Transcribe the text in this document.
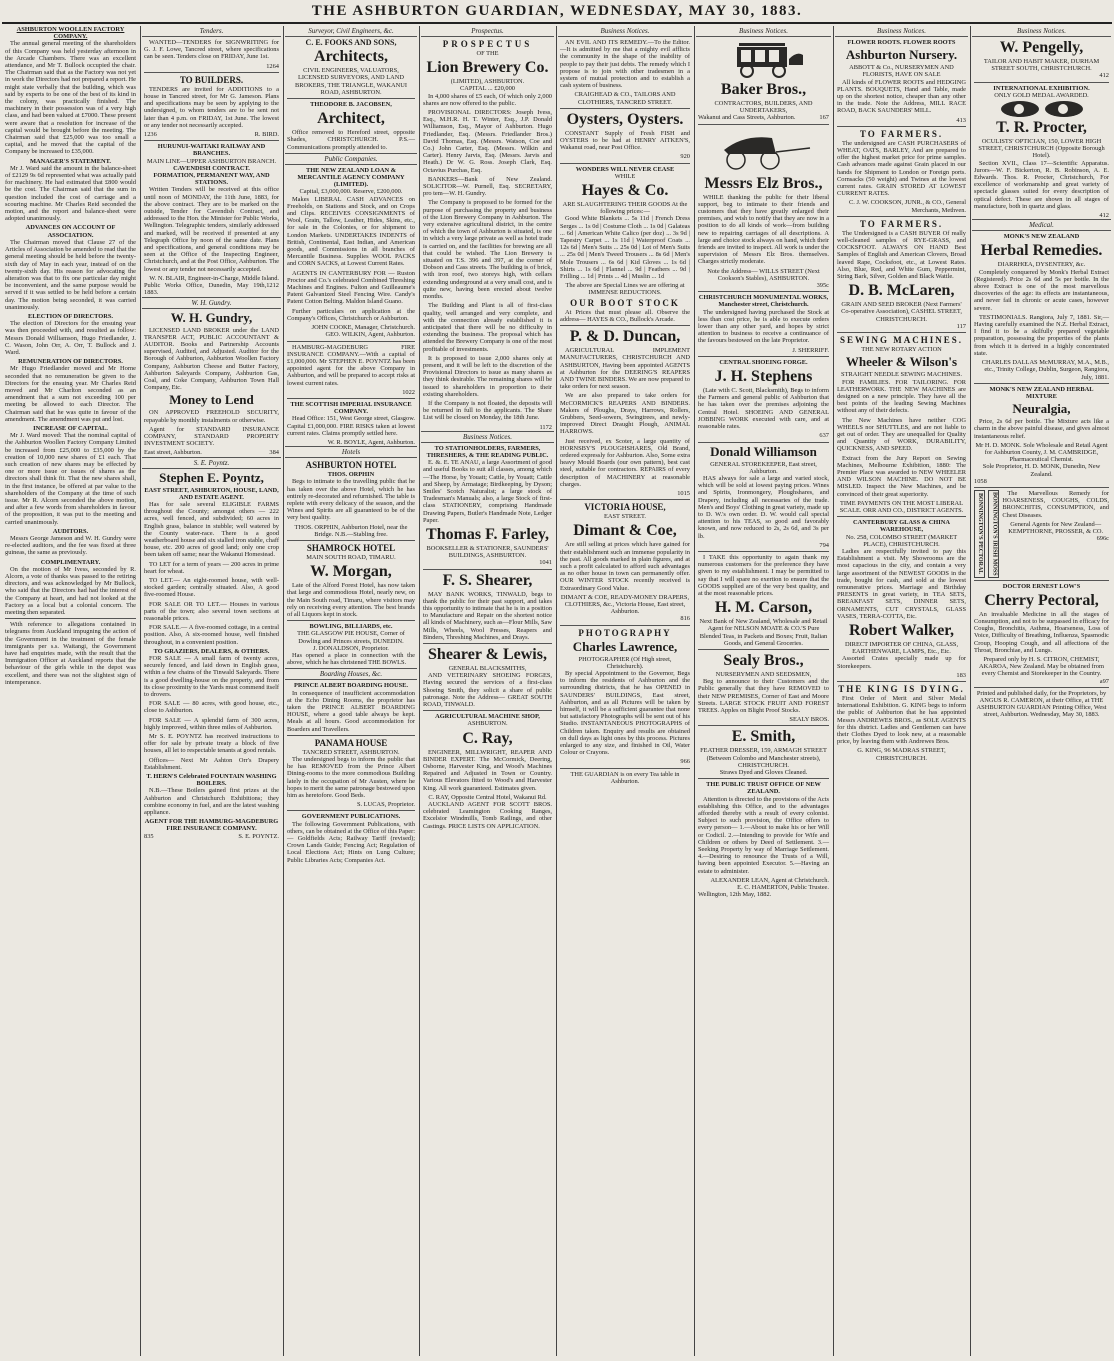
THE ASHBURTON GUARDIAN, WEDNESDAY, MAY 30, 1883.
ASHBURTON WOOLLEN FACTORY COMPANY.

The annual general meeting of the shareholders of this Company was held yesterday afternoon in the Arcade Chambers. There was an excellent attendance, and Mr T. Bullock occupied the chair. The Chairman said that as the Factory was not yet in work the Directors had not prepared a report. He might state verbally that the building, which was said by experts to be one of the best of its kind in the colony, was practically finished. The machinery in their possession was of a very high class, and had been valued at £7000. These present were aware that a resolution for increase of the capital would be brought before the meeting. The Chairman said that £25,000 was too small a capital, and he moved that the capital of the Company be increased to £35,000.

MANAGER'S STATEMENT.

Mr J. Ward said the amount in the balance-sheet of £2129 9s 6d represented what was actually paid for machinery. He had estimated that £800 would be the cost. The Chairman said that the sum in question included the cost of carriage and a scouring machine. Mr Charles Reid seconded the motion, and the report and balance-sheet were adopted unanimously.

ADVANCES ON ACCOUNT OF ASSOCIATION.

The Chairman moved that Clause 27 of the Articles of Association be amended to read that the general meeting should be held before the twenty-sixth day of May in each year, instead of on the twenty-sixth day. His reason for advocating the alteration was that to fix one particular day might be inconvenient, and the same purpose would be served if it was settled to be held before a certain day. The motion being seconded, it was carried unanimously.

ELECTION OF DIRECTORS.

The election of Directors for the ensuing year was then proceeded with, and resulted as follow: Messrs Donald Williamson, Hugo Friedlander, J. C. Wason, John Orr, A. Orr, T. Bullock and J. Ward.

REMUNERATION OF DIRECTORS.

Mr Hugo Friedlander moved and Mr Horne seconded that no remuneration be given to the Directors for the ensuing year. Mr Charles Reid moved and Mr Charlton seconded as an amendment that a sum not exceeding 100 per meeting be allowed to each Director. The Chairman said that he was quite in favour of the amendment. The amendment was put and lost.

INCREASE OF CAPITAL.

Mr J. Ward moved: That the nominal capital of the Ashburton Woollen Factory Company Limited be increased from £25,000 to £35,000 by the creation of 10,000 new shares of £1 each. That such creation of new shares may be effected by one or more issue or issues of shares as the directors shall think fit. That the new shares shall, in the first instance, be offered at par value to the shareholders of the Company at the time of such issue. Mr R. Alcorn seconded the above motion, and after a few words from shareholders in favour of the proposition, it was put to the meeting and carried unanimously.

AUDITORS.

Messrs George Jameson and W. H. Gundry were re-elected auditors, and the fee was fixed at three guineas, the same as previously.

COMPLIMENTARY.

On the motion of Mr Ivess, seconded by R. Alcorn, a vote of thanks was passed to the retiring directors, and was acknowledged by Mr Bullock, who said that the Directors had had the interest of the Company at heart, and had not looked at the Factory as a local but a colonial concern. The meeting then separated.

With reference to allegations contained in telegrams from Auckland impugning the action of the Government in the treatment of the female immigrants per s.s. Waitangi, the Government have had enquiries made, with the result that the Immigration Officer at Auckland reports that the behaviour of the girls while in the depot was excellent, and there was not the slightest sign of intemperance.

Tenders.

WANTED—TENDERS for SIGNWRITING for G. J. F. Lowe, Tancred street, where specifications can be seen. Tenders close on FRIDAY, June 1st.

1264
TO BUILDERS.

TENDERS are invited for ADDITIONS to a house in Tancred street, for Mr G. Jameson. Plans and specifications may be seen by applying to the undersigned, to whom tenders are to be sent not later than 4 p.m. on FRIDAY, 1st June. The lowest or any tender not necessarily accepted.

1236	R. BIRD.
HURUNUI-WAITAKI RAILWAY AND BRANCHES.
MAIN LINE—UPPER ASHBURTON BRANCH.
CAVENDISH CONTRACT.
FORMATION, PERMANENT WAY, AND STATIONS.

Written Tenders will be received at this office until noon of MONDAY, the 11th June, 1883, for the above contract. They are to be marked on the outside, Tender for Cavendish Contract, and addressed to the Hon. the Minister for Public Works, Wellington. Telegraphic tenders, similarly addressed and marked, will be received if presented at any Telegraph Office by noon of the same date. Plans and specifications, and general conditions may be seen at the Office of the Inspecting Engineer, Christchurch, and at the Post Office, Ashburton. The lowest or any tender not necessarily accepted.

W. N. BLAIR, Engineer-in-Charge, Middle Island.
Public Works Office, Dunedin, May 19th, 1883.
1212
W. H. Gundry.
W. H. Gundry,

LICENSED LAND BROKER under the LAND TRANSFER ACT, PUBLIC ACCOUNTANT & AUDITOR. Books and Partnership Accounts supervised, Audited, and Adjusted. Auditor for the Borough of Ashburton, Ashburton Woollen Factory Company, Ashburton Cheese and Butter Factory, Ashburton Saleyards Company, Ashburton Gas, Coal, and Coke Company, Ashburton Town Hall Company, Etc.

Money to Lend

ON APPROVED FREEHOLD SECURITY, repayable by monthly instalments or otherwise.

Agent for STANDARD INSURANCE COMPANY, STANDARD PROPERTY INVESTMENT SOCIETY.

East street, Ashburton.	384
S. E. Poyntz.
Stephen E. Poyntz,
EAST STREET, ASHBURTON, HOUSE, LAND, AND ESTATE AGENT.

Has for sale several ELIGIBLE FARMS throughout the County; amongst others — 222 acres, well fenced, and subdivided; 60 acres in English grass, balance in stubble; well watered by the County water-race. There is a good weatherboard house and six stalled iron stable, chaff house, etc. 200 acres of good land; only one crop been taken off same; near the Wakanui Homestead.

TO LET for a term of years — 200 acres in prime heart for wheat.

TO LET.— An eight-roomed house, with well-stocked garden; centrally situated. Also, A good five-roomed House.

FOR SALE OR TO LET.— Houses in various parts of the town; also several town sections at reasonable prices.

FOR SALE.— A five-roomed cottage, in a central position. Also, A six-roomed house, well finished throughout, in a convenient position.

TO GRAZIERS, DEALERS, & OTHERS.

FOR SALE — A small farm of twenty acres, securely fenced, and laid down in English grass, within a few chains of the Tinwald Saleyards. There is a good dwelling-house on the property, and from its close proximity to the Yards must commend itself to drovers.

FOR SALE — 80 acres, with good house, etc., close to Ashburton.

FOR SALE — A splendid farm of 300 acres, highly improved, within three miles of Ashburton.

Mr S. E. POYNTZ has received instructions to offer for sale by private treaty a block of five houses, all let to respectable tenants at good rentals.

Offices— Next Mr Ashton Orr's Drapery Establishment.

T. HERN'S Celebrated FOUNTAIN WASHING BOILERS.

N.B.—These Boilers gained first prizes at the Ashburton and Christchurch Exhibitions; they combine economy in fuel, and are the latest washing appliance.

AGENT FOR THE HAMBURG-MAGDEBURG FIRE INSURANCE COMPANY.
835	S. E. POYNTZ.
Surveyor, Civil Engineers, &c.
C. E. FOOKS AND SONS,
Architects,
CIVIL ENGINEERS, VALUATORS, LICENSED SURVEYORS, AND LAND BROKERS, THE TRIANGLE, WAKANUI ROAD, ASHBURTON.
THEODORE B. JACOBSEN,
Architect,

Office removed to Hereford street, opposite Shades, CHRISTCHURCH. P.S.—Communications promptly attended to.

Public Companies.
THE NEW ZEALAND LOAN & MERCANTILE AGENCY COMPANY (LIMITED).
Capital, £3,000,000. Reserve, £200,000.

Makes LIBERAL CASH ADVANCES on Freeholds, on Stations and Stock, and on Crops and Clips. RECEIVES CONSIGNMENTS of Wool, Grain, Tallow, Leather, Hides, Skins, etc., for sale in the Colonies, or for shipment to London Markets. UNDERTAKES INDENTS of British, Continental, East Indian, and American goods, and Commissions in all branches of Mercantile Business. Supplies WOOL PACKS and CORN SACKS, at Lowest Current Rates.

AGENTS IN CANTERBURY FOR — Ruston Proctor and Co.'s celebrated Combined Threshing Machines and Engines. Fulton and Guilleaume's Patent Galvanized Steel Fencing Wire. Candy's Patent Cotton Belting. Maldon Island Guano.

Further particulars on application at the Company's Offices, Christchurch or Ashburton.

JOHN COOKE, Manager, Christchurch.
GEO. WILKIN, Agent, Ashburton.

HAMBURG-MAGDEBURG FIRE INSURANCE COMPANY.—With a capital of £1,000,000. Mr STEPHEN E. POYNTZ has been appointed agent for the above Company in Ashburton, and will be prepared to accept risks at lowest current rates.

1022
THE SCOTTISH IMPERIAL INSURANCE COMPANY.

Head Office: 151, West George street, Glasgow. Capital £1,000,000. FIRE RISKS taken at lowest current rates. Claims promptly settled here.

W. R. BOYLE, Agent, Ashburton.
Hotels
ASHBURTON HOTEL
THOS. ORPHIN

Begs to intimate to the travelling public that he has taken over the above Hotel, which he has entirely re-decorated and refurnished. The table is replete with every delicacy of the season, and the Wines and Spirits are all guaranteed to be of the very best quality.

THOS. ORPHIN, Ashburton Hotel, near the Bridge. N.B.—Stabling free.
SHAMROCK HOTEL
MAIN SOUTH ROAD, TIMARU.
W. Morgan,

Late of the Alford Forest Hotel, has now taken that large and commodious Hotel, nearly new, on the Main South road, Timaru, where visitors may rely on receiving every attention. The best brands of all Liquors kept in stock.

BOWLING, BILLIARDS, etc.
THE GLASGOW PIE HOUSE, Corner of Dowling and Princes streets, DUNEDIN.
J. DONALDSON, Proprietor.

Has opened a place in connection with the above, which he has christened THE BOWLS.

Boarding Houses, &c.
PRINCE ALBERT BOARDING HOUSE.

In consequence of insufficient accommodation at the Echo Dining Rooms, the proprietor has taken the PRINCE ALBERT BOARDING HOUSE, where a good table always be kept. Meals at all hours. Good accommodation for Boarders and Travellers.

PANAMA HOUSE
TANCRED STREET, ASHBURTON.

The undersigned begs to inform the public that he has REMOVED from the Prince Albert Dining-rooms to the more commodious Building lately in the occupation of Mr Austen, where he hopes to merit the same patronage bestowed upon him as heretofore. Good Beds.

S. LUCAS, Proprietor.
GOVERNMENT PUBLICATIONS.

The following Government Publications, with others, can be obtained at the Office of this Paper:— Goldfields Acts; Railway Tariff (revised); Crown Lands Guide; Fencing Act; Regulation of Local Elections Act; Hints on Lung Culture; Public Libraries Acts; Companies Act.

Prospectus.
PROSPECTUS
OF THE
Lion Brewery Co.
(LIMITED), ASHBURTON.
CAPITAL ... £20,000

In 4,000 shares of £5 each, Of which only 2,000 shares are now offered to the public.

PROVISIONAL DIRECTORS: Joseph Ivess, Esq., M.H.R. H. T. Winter, Esq., J.P. Donald Williamson, Esq., Mayor of Ashburton. Hugo Friedlander, Esq. (Messrs. Friedlander Bros.) David Thomas, Esq. (Messrs. Watson, Coe and Co.) John Carter, Esq. (Messrs. Wilkin and Carter). Henry Jarvis, Esq. (Messrs. Jarvis and Heath.) Dr W. G. Ross. Joseph Clark, Esq. Octavius Purchas, Esq.

BANKERS—Bank of New Zealand. SOLICITOR—W. Purnell, Esq. SECRETARY, pro tem—W. H. Gundry.

The Company is proposed to be formed for the purpose of purchasing the property and business of the Lion Brewery Company in Ashburton. The very extensive agricultural district, in the centre of which the town of Ashburton is situated, is one in which a very large private as well as hotel trade is carried on, and the facilities for brewing are all that could be wished. The Lion Brewery is situated on T.S. 396 and 397, at the corner of Dobson and Cass streets. The building is of brick, with iron roof, two storeys high, with cellars extending underground at a very small cost, and is quite new, having been erected about twelve months.

The Building and Plant is all of first-class quality, well arranged and very complete, and with the connection already established it is anticipated that there will be no difficulty in extending the business. The proposal which has attended the Brewery Company is one of the most profitable of investments.

It is proposed to issue 2,000 shares only at present, and it will be left to the discretion of the Provisional Directors to issue as many shares as they think desirable. The remaining shares will be issued to shareholders in proportion to their existing shareholders.

If the Company is not floated, the deposits will be returned in full to the applicants. The Share List will be closed on Monday, the 18th June.

1172
Business Notices.
TO STATIONHOLDERS, FARMERS, THRESHERS, & THE READING PUBLIC.

E. &. E. TE ANAU, a large Assortment of good and useful Books to suit all classes, among which—The Horse, by Youatt; Cattle, by Youatt; Cattle and Sheep, by Armatage; Birdkeeping, by Dyson; Smiles' Scotch Naturalist; a large stock of Tradesman's Manuals; also, a large Stock of first-class STATIONERY, comprising Handmade Drawing Papers, Butler's Handmade Note, Ledger Paper.

Thomas F. Farley,
BOOKSELLER & STATIONER, SAUNDERS' BUILDINGS, ASHBURTON.
1041
F. S. Shearer,

MAY BANK WORKS, TINWALD, begs to thank the public for their past support, and takes this opportunity to intimate that he is in a position to Manufacture and Repair on the shortest notice all kinds of Machinery, such as—Flour Mills, Saw Mills, Wheels, Wool Presses, Reapers and Binders, Threshing Machines, and Drays.

Shearer & Lewis,
GENERAL BLACKSMITHS,

AND VETERINARY SHOEING FORGES, Having secured the services of a first-class Shoeing Smith, they solicit a share of public patronage. Note the Address— GREAT SOUTH ROAD, TINWALD.

AGRICULTURAL MACHINE SHOP,
ASHBURTON.
C. Ray,

ENGINEER, MILLWRIGHT, REAPER AND BINDER EXPERT. The McCormick, Deering, Osborne, Harvester King, and Wood's Machines Repaired and Adjusted in Town or Country. Various Elevators fitted to Wood's and Harvester King. All work guaranteed. Estimates given.

C. RAY, Opposite Central Hotel, Wakanui Rd.

AUCKLAND AGENT FOR SCOTT BROS. celebrated Leamington Cooking Ranges, Excelsior Windmills, Tomb Railings, and other Castings. PRICE LISTS ON APPLICATION.

Business Notices.

AN EVIL AND ITS REMEDY.—To the Editor.—It is admitted by me that a mighty evil afflicts the community in the shape of the inability of people to pay their just debts. The remedy which I propose is to join with other tradesmen in a system of mutual protection and to establish a cash system of business.

CRAIGHEAD & CO., TAILORS AND CLOTHIERS, TANCRED STREET.
Oysters, Oysters.

CONSTANT Supply of Fresh FISH and OYSTERS to be had at HENRY AITKEN'S, Wakanui road, near Post Office.

920
WONDERS WILL NEVER CEASE
WHILE
Hayes & Co.
ARE SLAUGHTERING THEIR GOODS At the following prices:—

Good White Blankets ... 5s 11d | French Dress Serges ... 1s 0d | Costume Cloth ... 1s 0d | Galateas ... 6d | American White Calico (per doz) ... 3s 9d | Tapestry Carpet ... 1s 11d | Waterproof Coats ... 12s 6d | Men's Suits ... 25s 0d | Lot of Men's Suits ... 25s 0d | Men's Tweed Trousers ... 8s 6d | Men's Mole Trousers ... 6s 6d | Kid Gloves ... 1s 6d | Shirts ... 1s 6d | Flannel ... 9d | Feathers ... 9d | Frilling ... 1d | Prints ... 4d | Muslin ... 1d

The above are Special Lines we are offering at IMMENSE REDUCTIONS.
OUR BOOT STOCK

At Prices that must please all. Observe the address— HAYES & CO., Bullock's Arcade.

P. & D. Duncan,

AGRICULTURAL IMPLEMENT MANUFACTURERS, CHRISTCHURCH AND ASHBURTON, Having been appointed AGENTS at Ashburton for the DEERING'S REAPERS AND TWINE BINDERS. We are now prepared to take orders for next season.

We are also prepared to take orders for McCORMICK'S REAPERS AND BINDERS. Makers of Ploughs, Drays, Harrows, Rollers, Grubbers, Seed-sowers, Swingtrees, and newly-improved Direct Draught Plough, ANIMAL HARROWS.

Just received, ex Scoter, a large quantity of HORNSBY'S PLOUGHSHARES, Old Brand, ordered expressly for Ashburton. Also, Some extra heavy Mould Boards (our own pattern), best cast steel, suitable for contractors. REPAIRS of every description of MACHINERY at reasonable charges.

1015
VICTORIA HOUSE,
EAST STREET.
Dimant & Coe,

Are still selling at prices which have gained for their establishment such an immense popularity in the past. All goods marked in plain figures, and at such a profit calculated to afford such advantages as no other house in town can permanently offer. OUR WINTER STOCK recently received is Extraordinary Good Value.

DIMANT & COE, READY-MONEY DRAPERS, CLOTHIERS, &c., Victoria House, East street, Ashburton.
816
PHOTOGRAPHY
Charles Lawrence,
PHOTOGRAPHER (Of High street, Christchurch).

By special Appointment to the Governor, Begs to inform the residents of Ashburton and the surrounding districts, that he has OPENED in SAUNDERS' BUILDINGS, East street, Ashburton, and as all Pictures will be taken by himself, it will be a sufficient guarantee that none but satisfactory Photographs will be sent out of his Studio. INSTANTANEOUS PHOTOGRAPHS of Children taken. Enquiry and results are obtained on dull days as light ones by this process. Pictures enlarged to any size, and finished in Oil, Water Colour or Crayons.

966
THE GUARDIAN is on every Tea table in Ashburton.
Business Notices.
Baker Bros.,
CONTRACTORS, BUILDERS, AND UNDERTAKERS,
Wakanui and Cass Streets, Ashburton.	167
Messrs Elz Bros.,

WHILE thanking the public for their liberal support, beg to intimate to their friends and customers that they have greatly enlarged their premises, and wish to notify that they are now in a position to do all kinds of work—from building new to repairing carriages of all descriptions. A large and choice stock always on hand, which their friends are invited to inspect. All work is under the supervision of Messrs Elz Bros. themselves. Charges strictly moderate.

Note the Address— WILLS STREET (Next Cookson's Stables), ASHBURTON.
395c
CHRISTCHURCH MONUMENTAL WORKS, Manchester street, Christchurch.

The undersigned having purchased the Stock at less than cost price, he is able to execute orders lower than any other yard, and hopes by strict attention to business to receive a continuance of the favours bestowed on the late Proprietor.

J. SHERRIFF.
CENTRAL SHOEING FORGE.
J. H. Stephens

(Late with C. Scott, Blacksmith), Begs to inform the Farmers and general public of Ashburton that he has taken over the premises adjoining the Central Hotel. SHOEING AND GENERAL JOBBING WORK executed with care, and at reasonable rates.

637
Donald Williamson
GENERAL STOREKEEPER, East street, Ashburton.

HAS always for sale a large and varied stock, which will be sold at lowest paying prices. Wines and Spirits, Ironmongery, Ploughshares, and Drapery, including all necessaries of the trade. Men's and Boys' Clothing in great variety, made up to D. W.'s own order. D. W. would call special attention to his TEAS, so good and favorably known, and now reduced to 2s, 2s 6d, and 3s per lb.

794

I TAKE this opportunity to again thank my numerous customers for the preference they have given to my establishment. I may be permitted to say that I will spare no exertion to ensure that the GOODS supplied are of the very best quality, and at the most reasonable prices.

H. M. Carson,
Next Bank of New Zealand, Wholesale and Retail Agent for NELSON MOATE & CO.'S Pure Blended Teas, in Packets and Boxes; Fruit, Italian Goods, and General Groceries.
Sealy Bros.,
NURSERYMEN AND SEEDSMEN,

Beg to announce to their Customers and the Public generally that they have REMOVED to their NEW PREMISES, Corner of East and Moore Streets. LARGE STOCK FRUIT AND FOREST TREES. Apples on Blight Proof Stocks.

SEALY BROS.
E. Smith,
FEATHER DRESSER, 159, ARMAGH STREET (Between Colombo and Manchester streets), CHRISTCHURCH.
Straws Dyed and Gloves Cleaned.
THE PUBLIC TRUST OFFICE OF NEW ZEALAND.

Attention is directed to the provisions of the Acts establishing this Office, and to the advantages afforded thereby with a result of every colonist. Subject to such provision, the Office offers to every person— 1.—About to make his or her Will or Codicil. 2.—Intending to provide for Wife and Children or others by Deed of Settlement. 3.—Seeking Property by way of Marriage Settlement. 4.—Desiring to renounce the Trusts of a Will, having been appointed Executor. 5.—Having an estate to administer.

ALEXANDER LEAN, Agent at Christchurch.
E. C. HAMERTON, Public Trustee.
Wellington, 12th May, 1882.
Business Notices.
FLOWER ROOTS. FLOWER ROOTS
Ashburton Nursery.
ABBOTT & Co., NURSERYMEN AND FLORISTS, HAVE ON SALE

All kinds of FLOWER ROOTS and HEDGING PLANTS. BOUQUETS, Hand and Table, made up on the shortest notice, cheaper than any other in the trade. Note the Address, MILL RACE ROAD, BACK SAUNDERS' MILL.

413
TO FARMERS.

The undersigned are CASH PURCHASERS of WHEAT, OATS, BARLEY, And are prepared to offer the highest market price for prime samples. Cash advances made against Grain placed in our hands for Shipment to London or Foreign ports. Cornsacks (50 weight) and Twines at the lowest current rates. GRAIN STORED AT LOWEST CURRENT RATES.

C. J. W. COOKSON, JUNR., & CO., General Merchants, Methven.
TO FARMERS.

The Undersigned is a CASH BUYER Of really well-cleaned samples of RYE-GRASS, and COCKSFOOT. ALWAYS ON HAND Best Samples of English and American Clovers, Broad leaved Rape, Cocksfoot, etc., at Lowest Rates. Also, Blue, Red, and White Gum, Peppermint, String Bark, Silver, Golden and Black Wattle.

D. B. McLaren,
GRAIN AND SEED BROKER (Next Farmers' Co-operative Association), CASHEL STREET, CHRISTCHURCH.
117
SEWING MACHINES.
THE NEW ROTARY ACTION
Wheeler & Wilson's
STRAIGHT NEEDLE SEWING MACHINES.

FOR FAMILIES. FOR TAILORING. FOR LEATHERWORK. THE NEW MACHINES are designed on a new principle. They have all the best points of the leading Sewing Machines without any of their defects.

The New Machines have neither COG WHEELS nor SHUTTLES, and are not liable to get out of order. They are unequalled for Quality and Quantity of WORK, DURABILITY, QUICKNESS, AND SPEED.

Extract from the Jury Report on Sewing Machines, Melbourne Exhibition, 1880: The Premier Place was awarded to NEW WHEELER AND WILSON MACHINE. DO NOT BE MISLED. Inspect the New Machines, and be convinced of their great superiority.

TIME PAYMENTS ON THE MOST LIBERAL SCALE. ORR AND CO., DISTRICT AGENTS.
CANTERBURY GLASS & CHINA WAREHOUSE,
No. 258, COLOMBO STREET (MARKET PLACE), CHRISTCHURCH.

Ladies are respectfully invited to pay this Establishment a visit. My Showrooms are the most capacious in the city, and contain a very large assortment of the NEWEST GOODS in the trade, bought for cash, and sold at the lowest remunerative prices. Marriage and Birthday PRESENTS in great variety, in TEA SETS, BREAKFAST SETS, DINNER SETS, ORNAMENTS, CUT CRYSTALS, GLASS VASES, TERRA-COTTA, Etc.

Robert Walker,
DIRECT IMPORTER OF CHINA, GLASS, EARTHENWARE, LAMPS, Etc., Etc.

Assorted Crates specially made up for Storekeepers.

183
THE KING IS DYING.

First Order of Merit and Silver Medal International Exhibition. G. KING begs to inform the public of Ashburton that he has appointed Messrs ANDREWES BROS., as SOLE AGENTS for this district. Ladies and Gentlemen can have their Clothes Dyed to look new, at a reasonable price, by leaving them with Andrewes Bros.

G. KING, 96 MADRAS STREET, CHRISTCHURCH.
Business Notices.
W. Pengelly,
TAILOR AND HABIT MAKER, DURHAM STREET SOUTH, CHRISTCHURCH.
412
INTERNATIONAL EXHIBITION.
ONLY GOLD MEDAL AWARDED.
T. R. Procter,
OCULISTS' OPTICIAN, 150, LOWER HIGH STREET, CHRISTCHURCH (Opposite Borough Hotel).

Section XVII., Class 17—Scientific Apparatus. Jurors—W. F. Bickerton, R. B. Robinson, A. E. Edwards. Thos. R. Procter, Christchurch, For excellence of workmanship and great variety of spectacle glasses suited for every description of optical defect. These are shown in all stages of manufacture, both in quartz and glass.

412
Medical.
MONK'S NEW ZEALAND
Herbal Remedies.
DIARRHŒA, DYSENTERY, &c.

Completely conquered by Monk's Herbal Extract (Registered). Price 2s 6d and 5s per bottle. In the above Extract is one of the most marvellous discoveries of the age: its effects are instantaneous, and never fail in chronic or acute cases, however severe.

TESTIMONIALS. Rangiora, July 7, 1881. Sir,—Having carefully examined the N.Z. Herbal Extract, I find it to be a skilfully prepared vegetable preparation, possessing the properties of the plants from which it is derived in a highly concentrated state.

CHARLES DALLAS McMURRAY, M.A., M.B., etc., Trinity College, Dublin, Surgeon, Rangiora, July, 1881.
MONK'S NEW ZEALAND HERBAL MIXTURE
Neuralgia,

Price, 2s 6d per bottle. The Mixture acts like a charm in the above painful disease, and gives almost instantaneous relief.

Mr H. D. MONK. Sole Wholesale and Retail Agent for Ashburton County, J. M. CAMBRIDGE, Pharmaceutical Chemist.
Sole Proprietor, H. D. MONK, Dunedin, New Zealand.
1058
BONNINGTON'S PECTORAL	BONNINGTON'S IRISH MOSS	The Marvellous Remedy for HOARSENESS, COUGHS, COLDS, BRONCHITIS, CONSUMPTION, and Chest Diseases.

General Agents for New Zealand— KEMPTHORNE, PROSSER, & CO.
696c
DOCTOR ERNEST LOW'S
Cherry Pectoral,

An invaluable Medicine in all the stages of Consumption, and not to be surpassed in efficacy for Coughs, Bronchitis, Asthma, Hoarseness, Loss of Voice, Difficulty of Breathing, Influenza, Spasmodic Croup, Hooping Cough, and all affections of the Throat, Bronchiae, and Lungs.

Prepared only by H. S. CITRON, CHEMIST, AKAROA, New Zealand. May be obtained from every Chemist and Storekeeper in the Country.
a97
Printed and published daily, for the Proprietors, by ANGUS R. CAMERON, at their Office, at THE ASHBURTON GUARDIAN Printing Office, West street, Ashburton. Wednesday, May 30, 1883.
